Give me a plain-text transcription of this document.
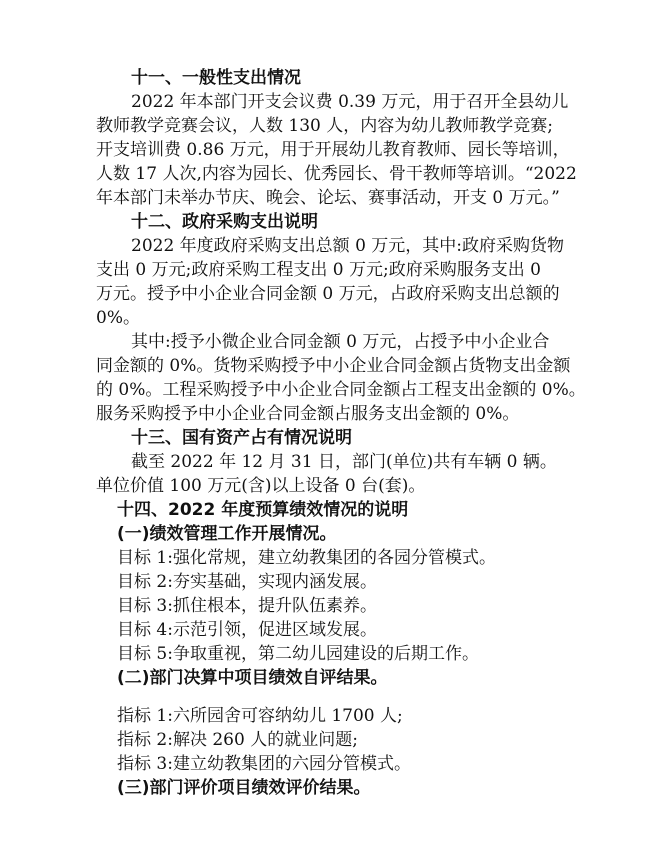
十一、一般性支出情况
2022 年本部门开支会议费 0.39 万元，用于召开全县幼儿
教师教学竞赛会议，人数 130 人，内容为幼儿教师教学竞赛;
开支培训费 0.86 万元，用于开展幼儿教育教师、园长等培训，
人数 17 人次,内容为园长、优秀园长、骨干教师等培训。“2022
年本部门未举办节庆、晚会、论坛、赛事活动，开支 0 万元。”
十二、政府采购支出说明
2022 年度政府采购支出总额 0 万元，其中:政府采购货物
支出 0 万元;政府采购工程支出 0 万元;政府采购服务支出 0
万元。授予中小企业合同金额 0 万元，占政府采购支出总额的
0%。
其中:授予小微企业合同金额 0 万元，占授予中小企业合
同金额的 0%。货物采购授予中小企业合同金额占货物支出金额
的 0%。工程采购授予中小企业合同金额占工程支出金额的 0%。
服务采购授予中小企业合同金额占服务支出金额的 0%。
十三、国有资产占有情况说明
截至 2022 年 12 月 31 日，部门(单位)共有车辆 0 辆。
单位价值 100 万元(含)以上设备 0 台(套)。
十四、2022 年度预算绩效情况的说明
(一)绩效管理工作开展情况。
目标 1:强化常规，建立幼教集团的各园分管模式。
目标 2:夯实基础，实现内涵发展。
目标 3:抓住根本，提升队伍素养。
目标 4:示范引领，促进区域发展。
目标 5:争取重视，第二幼儿园建设的后期工作。
(二)部门决算中项目绩效自评结果。
指标 1:六所园舍可容纳幼儿 1700 人;
指标 2:解决 260 人的就业问题;
指标 3:建立幼教集团的六园分管模式。
(三)部门评价项目绩效评价结果。
